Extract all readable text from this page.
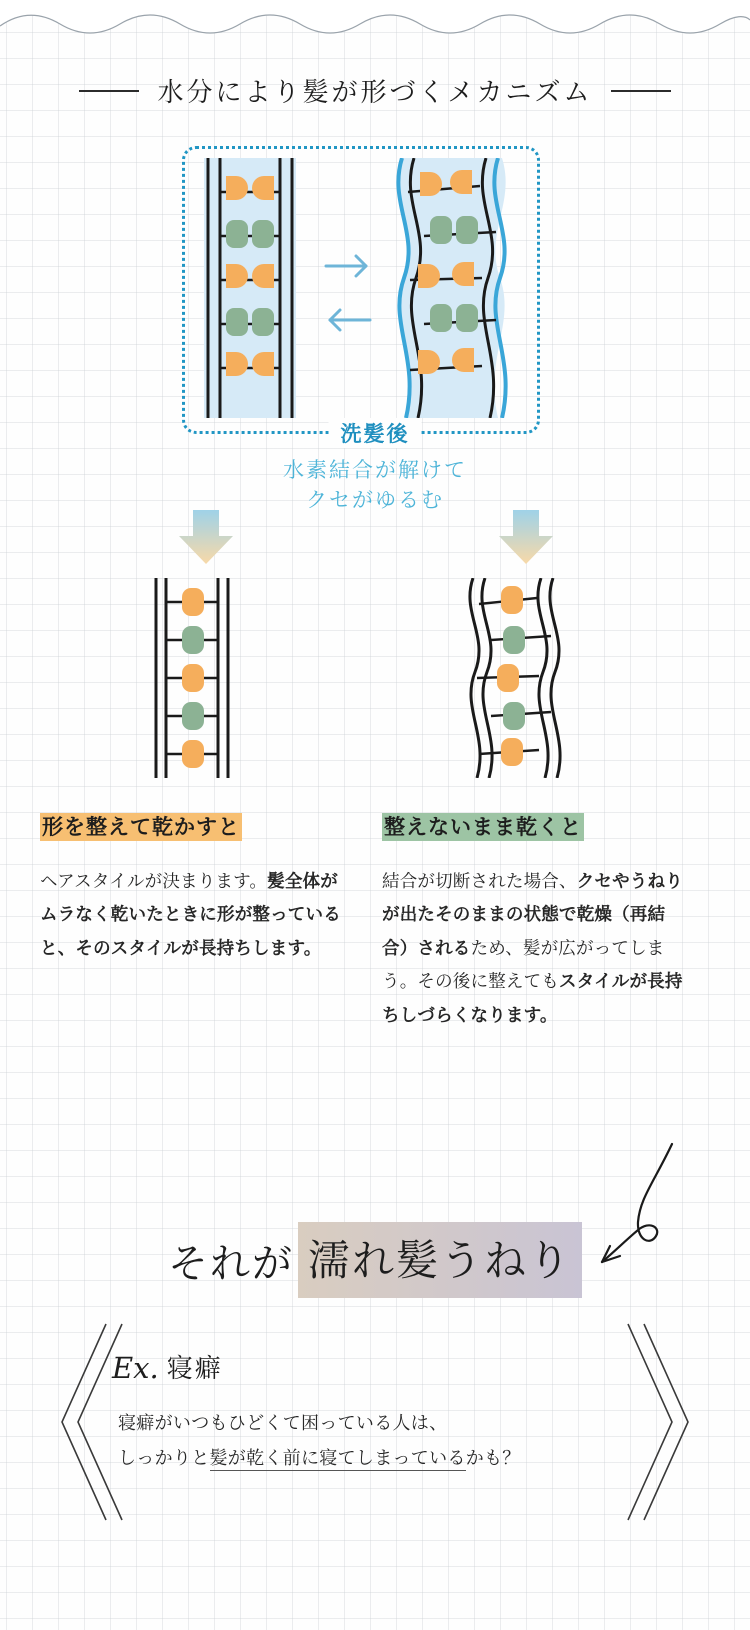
水分により髪が形づくメカニズム
洗髪後
水素結合が解けて
クセがゆるむ
形を整えて乾かすと
ヘアスタイルが決まります。髪全体がムラなく乾いたときに形が整っていると、そのスタイルが長持ちします。
整えないまま乾くと
結合が切断された場合、クセやうねりが出たそのままの状態で乾燥（再結合）されるため、髪が広がってしまう。その後に整えてもスタイルが長持ちしづらくなります。
それが 濡れ髪うねり
Ex. 寝癖
寝癖がいつもひどくて困っている人は、
しっかりと髪が乾く前に寝てしまっているかも？
